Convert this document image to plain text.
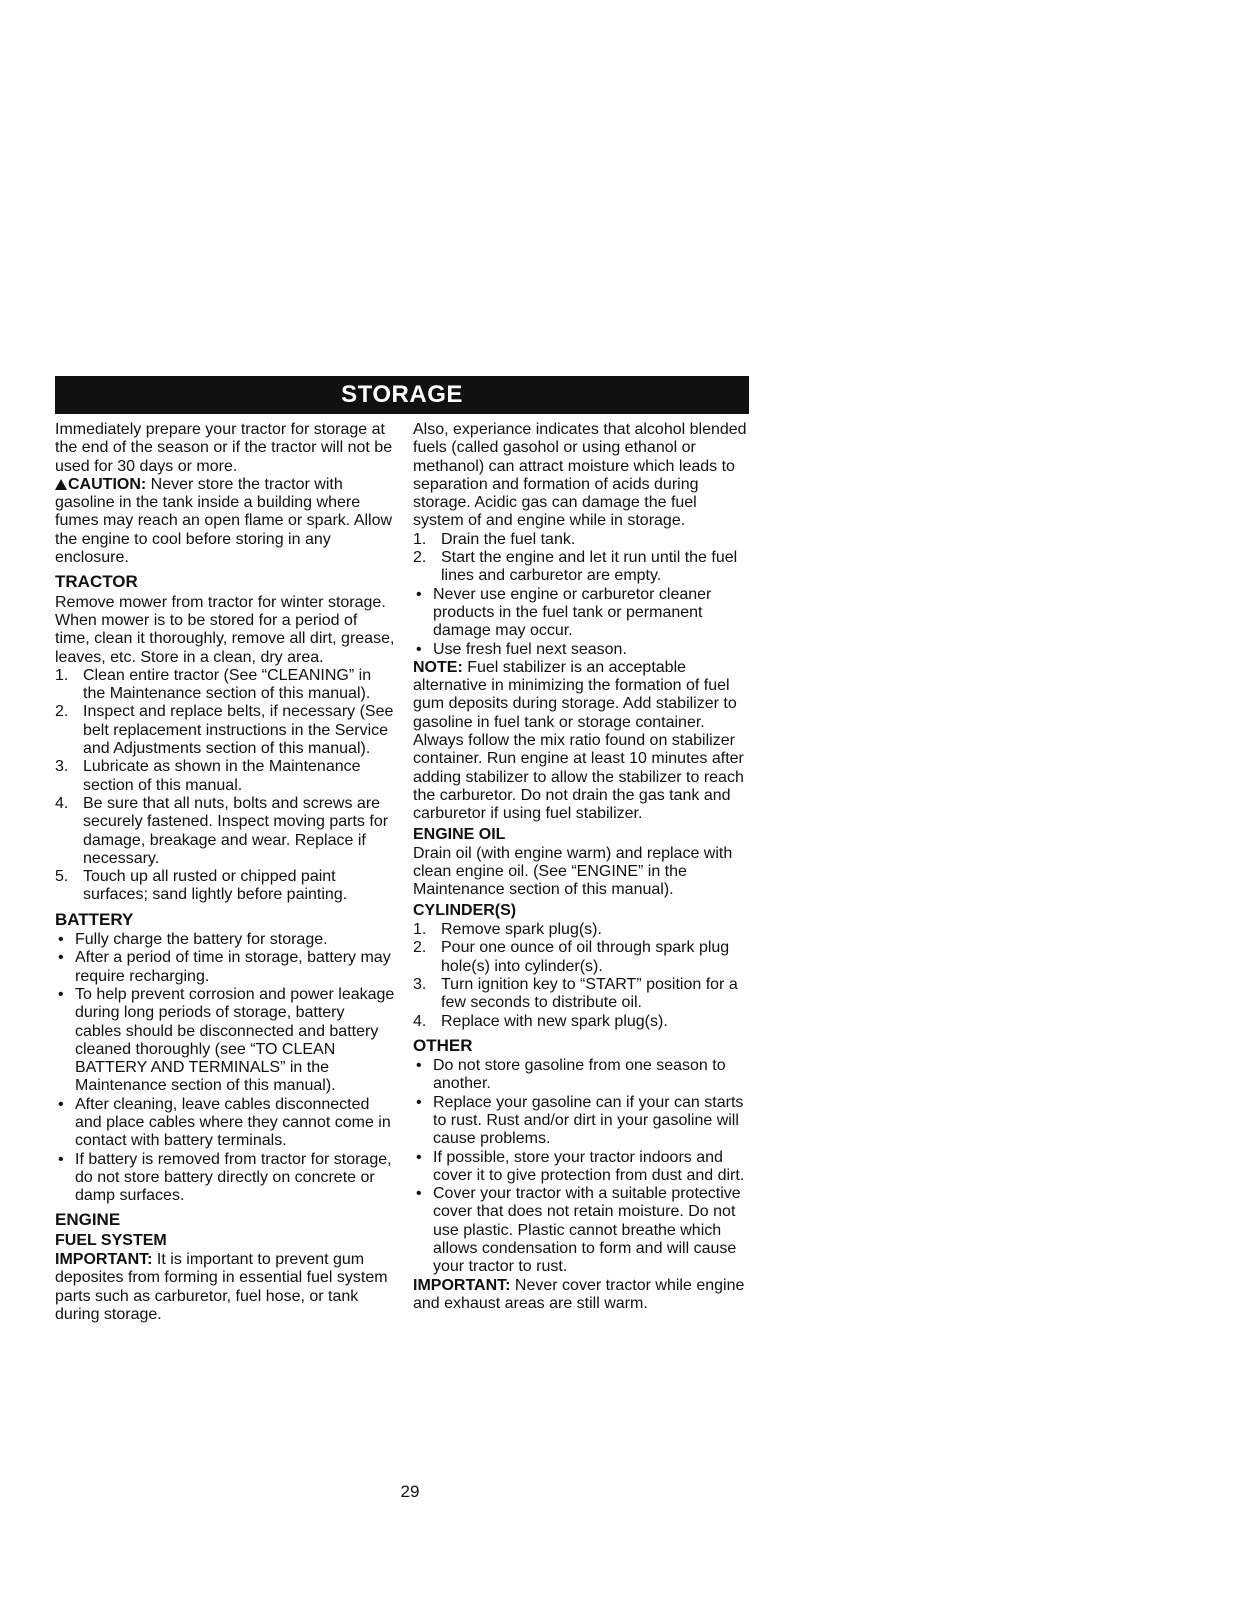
STORAGE

Immediately prepare your tractor for storage at the end of the season or if the tractor will not be used for 30 days or more.

CAUTION: Never store the tractor with gasoline in the tank inside a building where fumes may reach an open flame or spark. Allow the engine to cool before storing in any enclosure.

TRACTOR

Remove mower from tractor for winter storage. When mower is to be stored for a period of time, clean it thoroughly, remove all dirt, grease, leaves, etc. Store in a clean, dry area.

1. Clean entire tractor (See “CLEANING” in the Maintenance section of this manual).
2. Inspect and replace belts, if necessary (See belt replacement instructions in the Service and Adjustments section of this manual).
3. Lubricate as shown in the Maintenance section of this manual.
4. Be sure that all nuts, bolts and screws are securely fastened. Inspect moving parts for damage, breakage and wear. Replace if necessary.
5. Touch up all rusted or chipped paint surfaces; sand lightly before painting.
BATTERY
• Fully charge the battery for storage.
• After a period of time in storage, battery may require recharging.
• To help prevent corrosion and power leakage during long periods of storage, battery cables should be disconnected and battery cleaned thoroughly (see “TO CLEAN BATTERY AND TERMINALS” in the Maintenance section of this manual).
• After cleaning, leave cables disconnected and place cables where they cannot come in contact with battery terminals.
• If battery is removed from tractor for storage, do not store battery directly on concrete or damp surfaces.
ENGINE
FUEL SYSTEM

IMPORTANT: It is important to prevent gum deposites from forming in essential fuel system parts such as carburetor, fuel hose, or tank during storage.

Also, experiance indicates that alcohol blended fuels (called gasohol or using ethanol or methanol) can attract moisture which leads to separation and formation of acids during storage. Acidic gas can damage the fuel system of and engine while in storage.

1. Drain the fuel tank.
2. Start the engine and let it run until the fuel lines and carburetor are empty.
• Never use engine or carburetor cleaner products in the fuel tank or permanent damage may occur.
• Use fresh fuel next season.

NOTE: Fuel stabilizer is an acceptable alternative in minimizing the formation of fuel gum deposits during storage. Add stabilizer to gasoline in fuel tank or storage container. Always follow the mix ratio found on stabilizer container. Run engine at least 10 minutes after adding stabilizer to allow the stabilizer to reach the carburetor. Do not drain the gas tank and carburetor if using fuel stabilizer.

ENGINE OIL

Drain oil (with engine warm) and replace with clean engine oil. (See “ENGINE” in the Maintenance section of this manual).

CYLINDER(S)
1. Remove spark plug(s).
2. Pour one ounce of oil through spark plug hole(s) into cylinder(s).
3. Turn ignition key to “START” position for a few seconds to distribute oil.
4. Replace with new spark plug(s).
OTHER
• Do not store gasoline from one season to another.
• Replace your gasoline can if your can starts to rust. Rust and/or dirt in your gasoline will cause problems.
• If possible, store your tractor indoors and cover it to give protection from dust and dirt.
• Cover your tractor with a suitable protective cover that does not retain moisture. Do not use plastic. Plastic cannot breathe which allows condensation to form and will cause your tractor to rust.

IMPORTANT: Never cover tractor while engine and exhaust areas are still warm.

29
